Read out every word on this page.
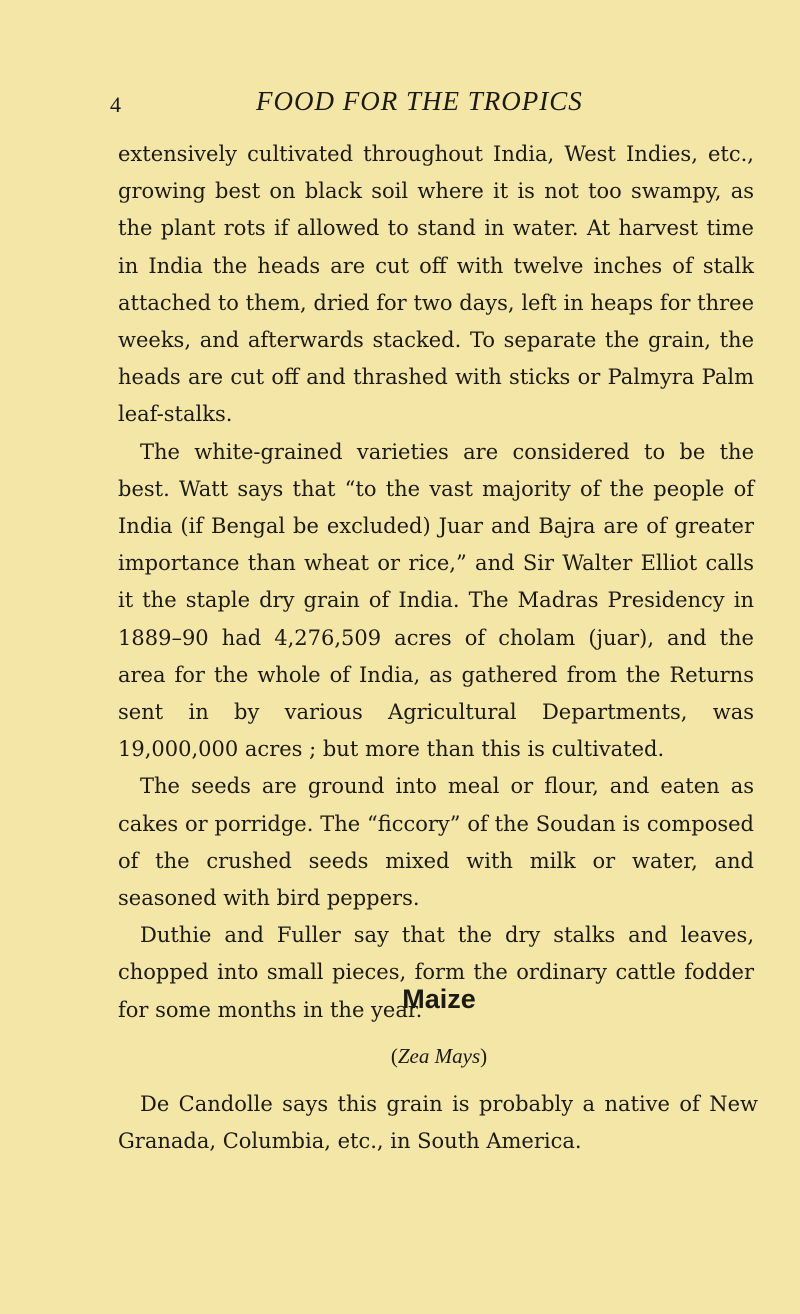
4	FOOD FOR THE TROPICS

extensively cultivated throughout India, West Indies, etc., growing best on black soil where it is not too swampy, as the plant rots if allowed to stand in water. At harvest time in India the heads are cut off with twelve inches of stalk attached to them, dried for two days, left in heaps for three weeks, and afterwards stacked. To separate the grain, the heads are cut off and thrashed with sticks or Palmyra Palm leaf-stalks.

The white-grained varieties are considered to be the best. Watt says that “to the vast majority of the people of India (if Bengal be excluded) Juar and Bajra are of greater importance than wheat or rice,” and Sir Walter Elliot calls it the staple dry grain of India. The Madras Presidency in 1889–90 had 4,276,509 acres of cholam (juar), and the area for the whole of India, as gathered from the Returns sent in by various Agricultural Departments, was 19,000,000 acres ; but more than this is cultivated.

The seeds are ground into meal or flour, and eaten as cakes or porridge. The “ficcory” of the Soudan is composed of the crushed seeds mixed with milk or water, and seasoned with bird peppers.

Duthie and Fuller say that the dry stalks and leaves, chopped into small pieces, form the ordinary cattle fodder for some months in the year.

Maize
(Zea Mays)

De Candolle says this grain is probably a native of New Granada, Columbia, etc., in South America.
